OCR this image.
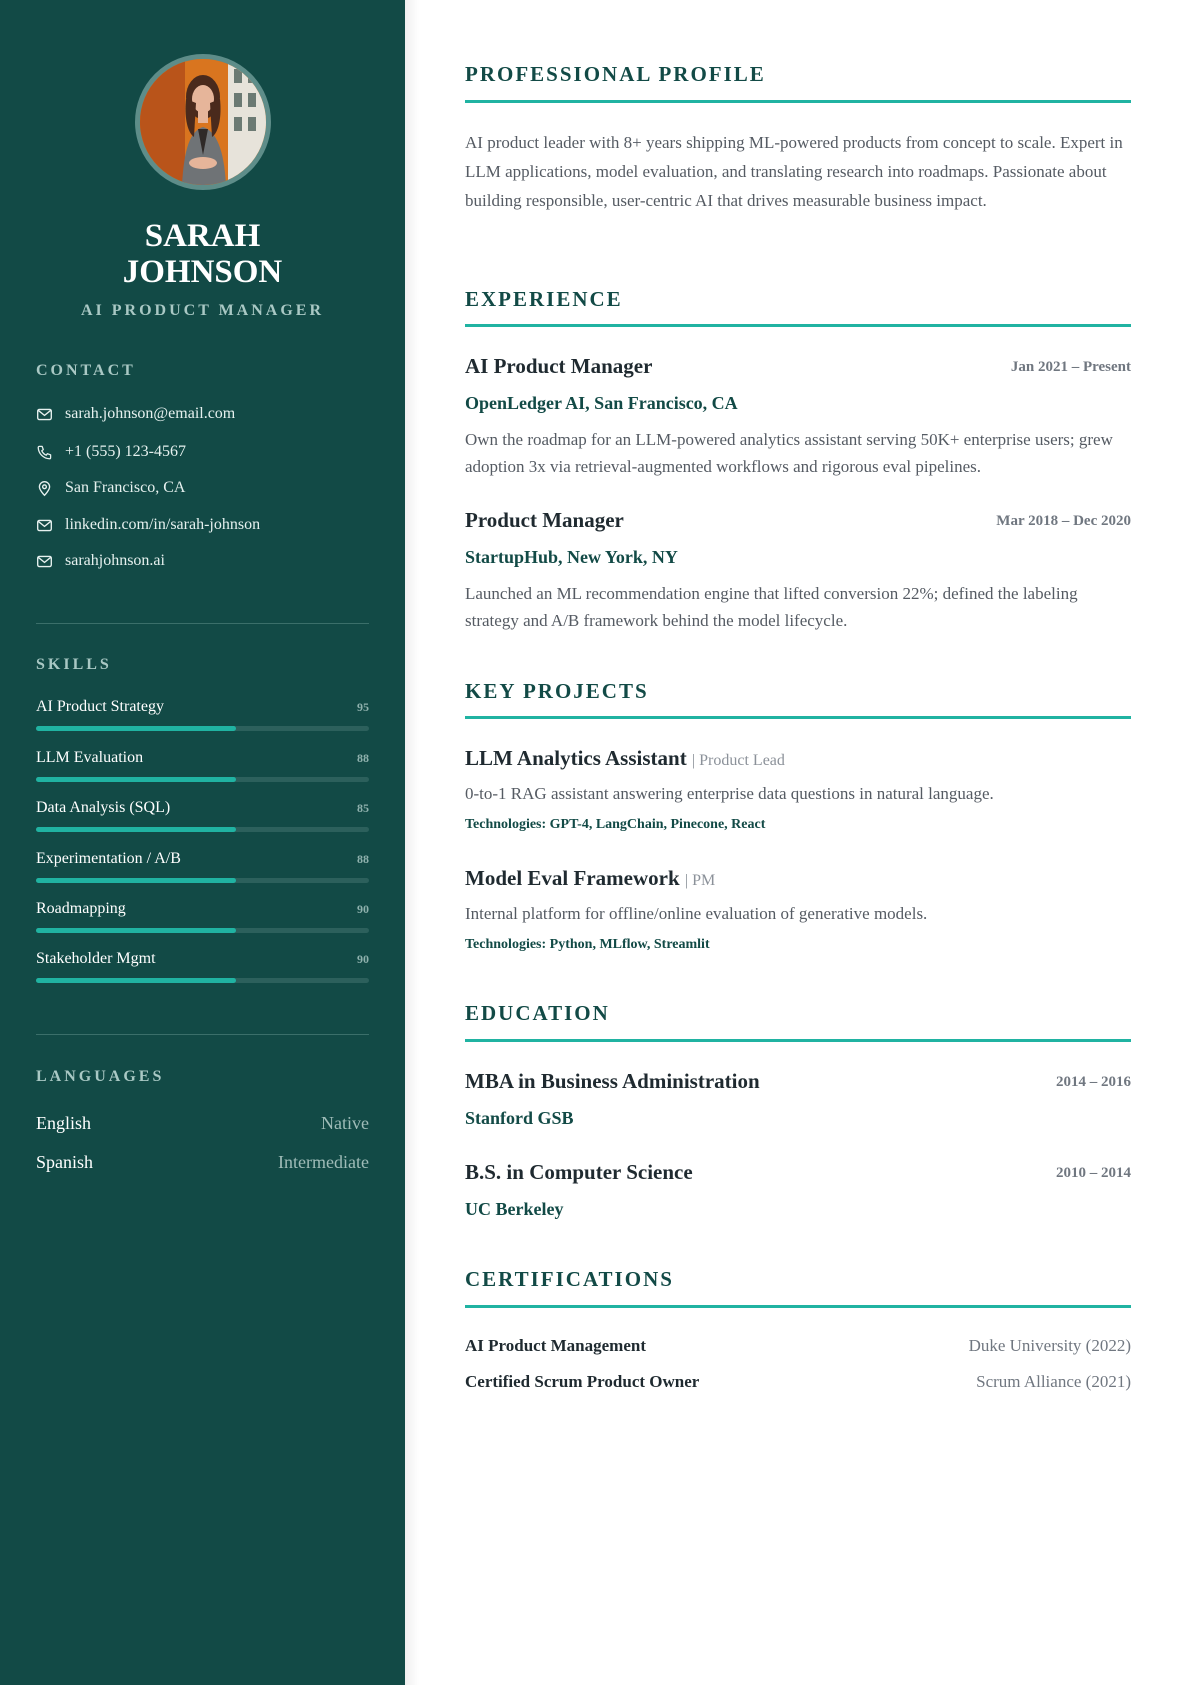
SARAH
JOHNSON
AI PRODUCT MANAGER
CONTACT
sarah.johnson@email.com
+1 (555) 123-4567
San Francisco, CA
linkedin.com/in/sarah-johnson
sarahjohnson.ai
SKILLS
AI Product Strategy	95
LLM Evaluation	88
Data Analysis (SQL)	85
Experimentation / A/B	88
Roadmapping	90
Stakeholder Mgmt	90
LANGUAGES
English	Native
Spanish	Intermediate
PROFESSIONAL PROFILE
AI product leader with 8+ years shipping ML-powered products from concept to scale. Expert in LLM applications, model evaluation, and translating research into roadmaps. Passionate about building responsible, user-centric AI that drives measurable business impact.
EXPERIENCE
AI Product Manager	Jan 2021 – Present
OpenLedger AI, San Francisco, CA
Own the roadmap for an LLM-powered analytics assistant serving 50K+ enterprise users; grew adoption 3x via retrieval-augmented workflows and rigorous eval pipelines.
Product Manager	Mar 2018 – Dec 2020
StartupHub, New York, NY
Launched an ML recommendation engine that lifted conversion 22%; defined the labeling strategy and A/B framework behind the model lifecycle.
KEY PROJECTS
LLM Analytics Assistant | Product Lead
0-to-1 RAG assistant answering enterprise data questions in natural language.
Technologies: GPT-4, LangChain, Pinecone, React
Model Eval Framework | PM
Internal platform for offline/online evaluation of generative models.
Technologies: Python, MLflow, Streamlit
EDUCATION
MBA in Business Administration	2014 – 2016
Stanford GSB
B.S. in Computer Science	2010 – 2014
UC Berkeley
CERTIFICATIONS
AI Product Management	Duke University (2022)
Certified Scrum Product Owner	Scrum Alliance (2021)
